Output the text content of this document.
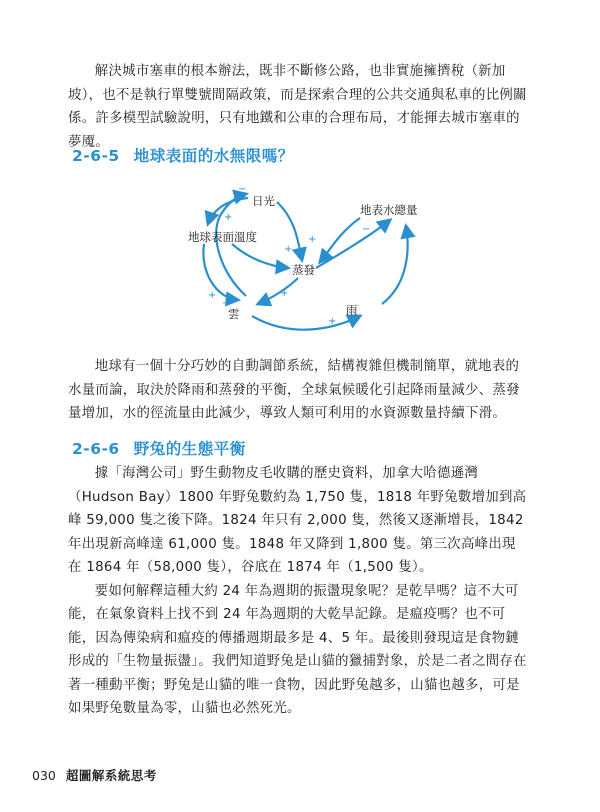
解決城市塞車的根本辦法，既非不斷修公路，也非實施擁擠稅（新加坡），也不是執行單雙號間隔政策，而是探索合理的公共交通與私車的比例關係。許多模型試驗說明，只有地鐵和公車的合理布局，才能揮去城市塞車的夢魇。

2-6-5 地球表面的水無限嗎？
日光
地球表面溫度
蒸發
雲	雨
地表水總量
−
+
+
+
+
+
+
− +
+

地球有一個十分巧妙的自動調節系統，結構複雜但機制簡單，就地表的水量而論，取決於降雨和蒸發的平衡，全球氣候暖化引起降雨量減少、蒸發量增加，水的徑流量由此減少，導致人類可利用的水資源數量持續下滑。

2-6-6 野兔的生態平衡

據「海灣公司」野生動物皮毛收購的歷史資料，加拿大哈德遜灣（Hudson Bay）1800 年野兔數約為 1,750 隻，1818 年野兔數增加到高峰 59,000 隻之後下降。1824 年只有 2,000 隻，然後又逐漸增長，1842 年出現新高峰達 61,000 隻。1848 年又降到 1,800 隻。第三次高峰出現在 1864 年（58,000 隻），谷底在 1874 年（1,500 隻）。

要如何解釋這種大約 24 年為週期的振盪現象呢？是乾旱嗎？這不大可能，在氣象資料上找不到 24 年為週期的大乾旱記錄。是瘟疫嗎？也不可能，因為傳染病和瘟疫的傳播週期最多是 4、5 年。最後則發現這是食物鏈形成的「生物量振盪」。我們知道野兔是山貓的獵捕對象，於是二者之間存在著一種動平衡；野兔是山貓的唯一食物，因此野兔越多，山貓也越多，可是如果野兔數量為零，山貓也必然死光。

030 超圖解系統思考
